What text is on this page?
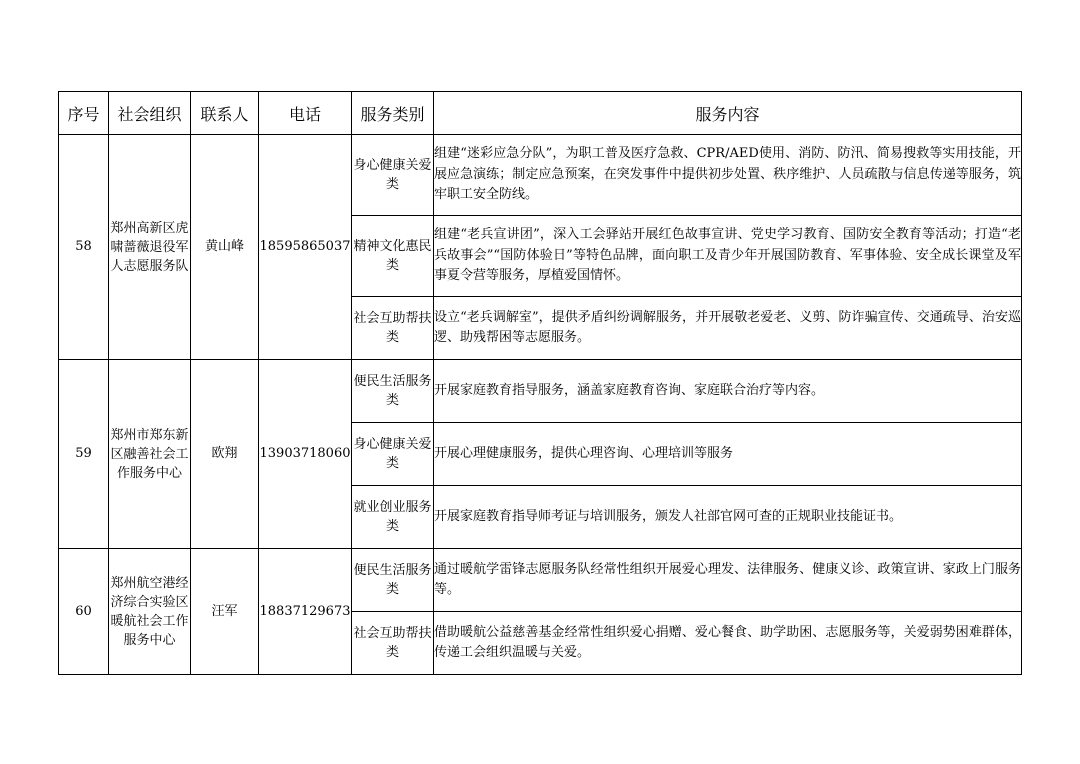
序号	社会组织	联系人	电话	服务类别	服务内容
58	郑州高新区虎啸蔷薇退役军人志愿服务队	黄山峰	18595865037	身心健康关爱类	组建“迷彩应急分队”，为职工普及医疗急救、CPR/AED使用、消防、防汛、简易搜救等实用技能，开展应急演练；制定应急预案，在突发事件中提供初步处置、秩序维护、人员疏散与信息传递等服务，筑牢职工安全防线。
				精神文化惠民类	组建“老兵宣讲团”，深入工会驿站开展红色故事宣讲、党史学习教育、国防安全教育等活动；打造“老兵故事会”“国防体验日”等特色品牌，面向职工及青少年开展国防教育、军事体验、安全成长课堂及军事夏令营等服务，厚植爱国情怀。
				社会互助帮扶类	设立“老兵调解室”，提供矛盾纠纷调解服务，并开展敬老爱老、义剪、防诈骗宣传、交通疏导、治安巡逻、助残帮困等志愿服务。
59	郑州市郑东新区融善社会工作服务中心	欧翔	13903718060	便民生活服务类	开展家庭教育指导服务，涵盖家庭教育咨询、家庭联合治疗等内容。
				身心健康关爱类	开展心理健康服务，提供心理咨询、心理培训等服务
				就业创业服务类	开展家庭教育指导师考证与培训服务，颁发人社部官网可查的正规职业技能证书。
60	郑州航空港经济综合实验区暖航社会工作服务中心	汪军	18837129673	便民生活服务类	通过暖航学雷锋志愿服务队经常性组织开展爱心理发、法律服务、健康义诊、政策宣讲、家政上门服务等。
				社会互助帮扶类	借助暖航公益慈善基金经常性组织爱心捐赠、爱心餐食、助学助困、志愿服务等，关爱弱势困难群体，传递工会组织温暖与关爱。
